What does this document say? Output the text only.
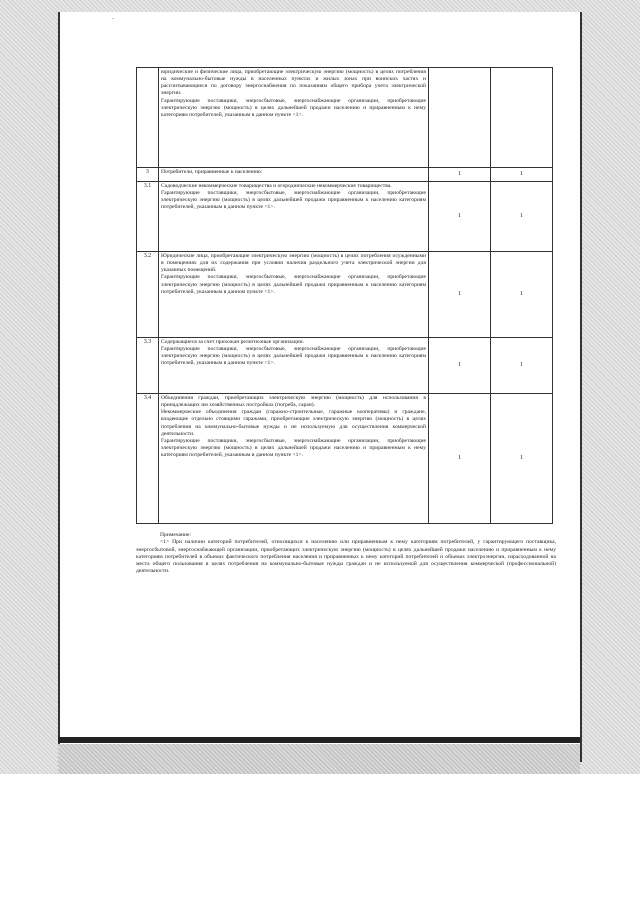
-

	юридические и физические лица, приобретающие электрическую энергию (мощность) в целях потребления на коммунально-бытовые нужды в населенных пунктах и жилых зонах при воинских частях и рассчитывающиеся по договору энергоснабжения по показаниям общего прибора учета электрической энергии.
Гарантирующие поставщики, энергосбытовые, энергоснабжающие организации, приобретающие электрическую энергию (мощность) в целях дальнейшей продажи населению и приравненным к нему категориям потребителей, указанным в данном пункте <1>.		

3	Потребители, приравненные к населению:	1	1
3.1	Садоводческие некоммерческие товарищества и огороднические некоммерческие товарищества.
Гарантирующие поставщики, энергосбытовые, энергоснабжающие организации, приобретающие электрическую энергию (мощность) в целях дальнейшей продажи приравненным к населению категориям потребителей, указанным в данном пункте <1>.	1	1
3.2	Юридические лица, приобретающие электрическую энергию (мощность) в целях потребления осужденными в помещениях для их содержания при условии наличия раздельного учета электрической энергии для указанных помещений.
Гарантирующие поставщики, энергосбытовые, энергоснабжающие организации, приобретающие электрическую энергию (мощность) в целях дальнейшей продажи приравненным к населению категориям потребителей, указанным в данном пункте <1>.	1	1
3.3	Содержащиеся за счет прихожан религиозные организации.
Гарантирующие поставщики, энергосбытовые, энергоснабжающие организации, приобретающие электрическую энергию (мощность) в целях дальнейшей продажи приравненным к населению категориям потребителей, указанным в данном пункте <1>.	1	1
3.4	Объединения граждан, приобретающих электрическую энергию (мощность) для использования в принадлежащих им хозяйственных постройках (погреба, сараи).
Некоммерческие объединения граждан (гаражно-строительные, гаражные кооперативы) и граждане, владеющие отдельно стоящими гаражами, приобретающие электрическую энергию (мощность) в целях потребления на коммунально-бытовые нужды и не используемую для осуществления коммерческой деятельности.
Гарантирующие поставщики, энергосбытовые, энергоснабжающие организации, приобретающие электрическую энергию (мощность) в целях дальнейшей продажи населению и приравненным к нему категориям потребителей, указанным в данном пункте <1>.	1	1
Примечание:
<1> При наличии категорий потребителей, относящихся к населению или приравненным к нему категориям потребителей, у гарантирующего поставщика, энергосбытовой, энергоснабжающей организации, приобретающих электрическую энергию (мощность) в целях дальнейшей продажи населению и приравненным к нему категориям потребителей в объемах фактического потребления населения и приравненных к нему категорий потребителей и объемах электроэнергии, израсходованной на места общего пользования в целях потребления на коммунально-бытовые нужды граждан и не используемой для осуществления коммерческой (профессиональной) деятельности.
